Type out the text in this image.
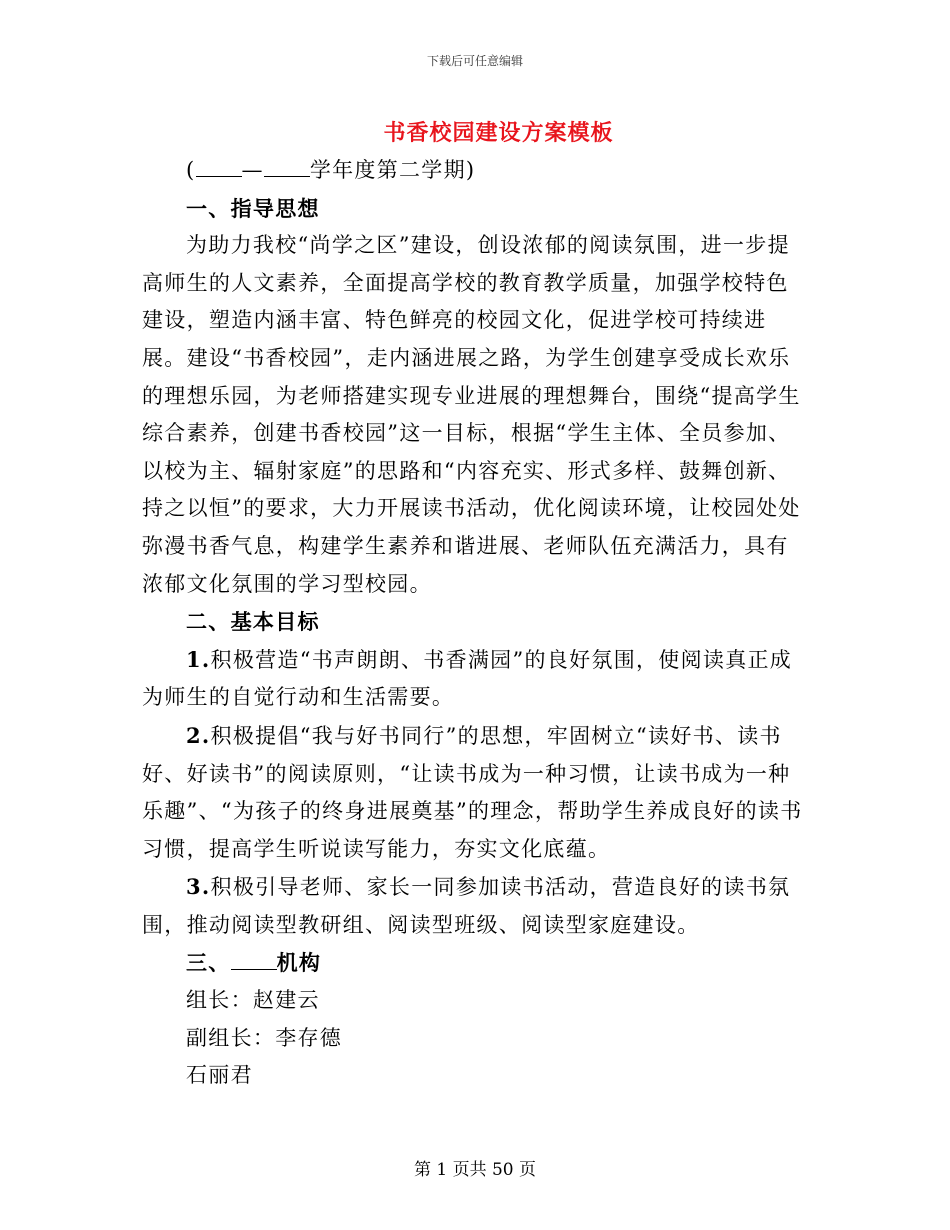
下载后可任意编辑
书香校园建设方案模板

( — 学年度第二学期)

一、指导思想

为助力我校“尚学之区”建设，创设浓郁的阅读氛围，进一步提高师生的人文素养，全面提高学校的教育教学质量，加强学校特色建设，塑造内涵丰富、特色鲜亮的校园文化，促进学校可持续进展。建设“书香校园”，走内涵进展之路，为学生创建享受成长欢乐的理想乐园，为老师搭建实现专业进展的理想舞台，围绕“提高学生综合素养，创建书香校园”这一目标，根据“学生主体、全员参加、以校为主、辐射家庭”的思路和“内容充实、形式多样、鼓舞创新、持之以恒”的要求，大力开展读书活动，优化阅读环境，让校园处处弥漫书香气息，构建学生素养和谐进展、老师队伍充满活力，具有浓郁文化氛围的学习型校园。

二、基本目标

1.积极营造“书声朗朗、书香满园”的良好氛围，使阅读真正成为师生的自觉行动和生活需要。

2.积极提倡“我与好书同行”的思想，牢固树立“读好书、读书好、好读书”的阅读原则，“让读书成为一种习惯，让读书成为一种乐趣”、“为孩子的终身进展奠基”的理念，帮助学生养成良好的读书习惯，提高学生听说读写能力，夯实文化底蕴。

3.积极引导老师、家长一同参加读书活动，营造良好的读书氛围，推动阅读型教研组、阅读型班级、阅读型家庭建设。

三、 机构

组长：赵建云

副组长：李存德

石丽君

第 1 页共 50 页
